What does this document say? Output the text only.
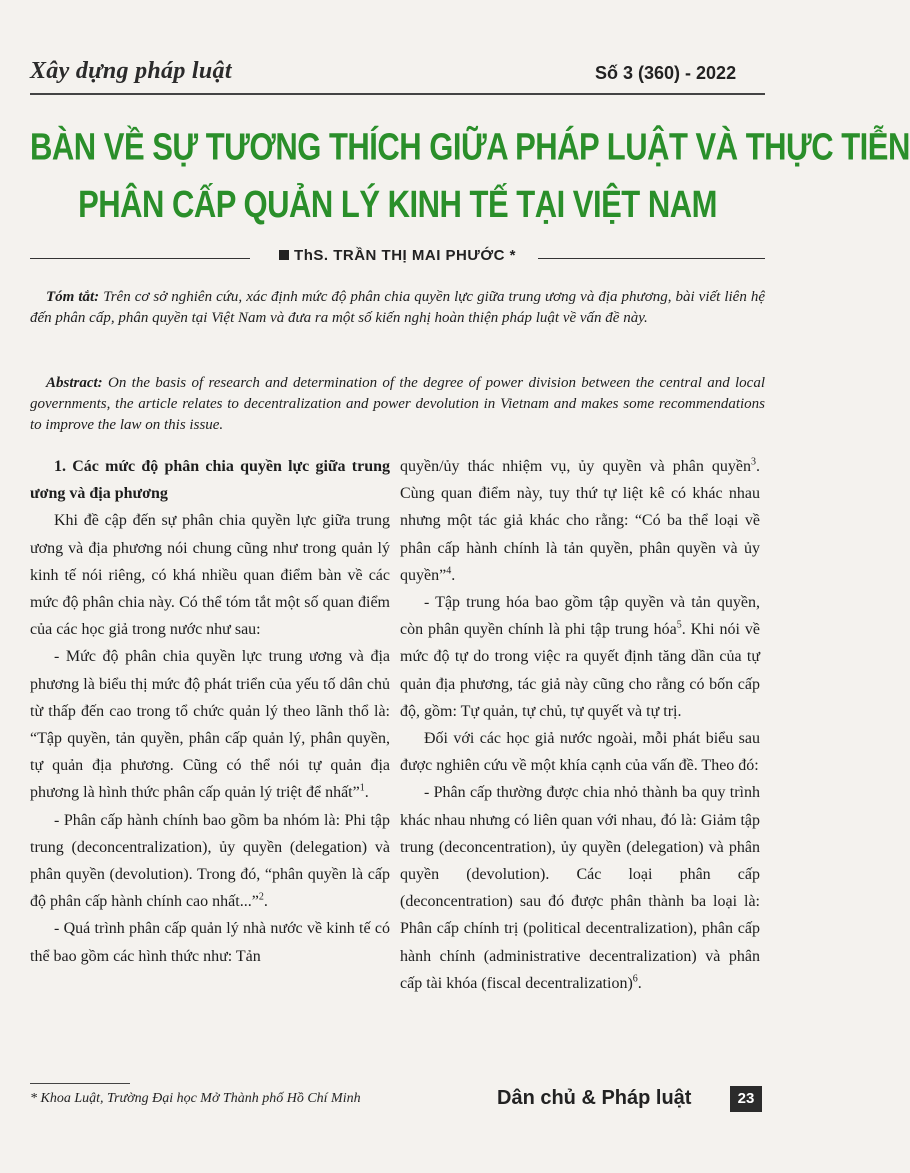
Xây dựng pháp luật	Số 3 (360) - 2022
BÀN VỀ SỰ TƯƠNG THÍCH GIỮA PHÁP LUẬT VÀ THỰC TIỄN
PHÂN CẤP QUẢN LÝ KINH TẾ TẠI VIỆT NAM
ThS. TRẦN THỊ MAI PHƯỚC *
Tóm tắt: Trên cơ sở nghiên cứu, xác định mức độ phân chia quyền lực giữa trung ương và địa phương, bài viết liên hệ đến phân cấp, phân quyền tại Việt Nam và đưa ra một số kiến nghị hoàn thiện pháp luật về vấn đề này.
Abstract: On the basis of research and determination of the degree of power division between the central and local governments, the article relates to decentralization and power devolution in Vietnam and makes some recommendations to improve the law on this issue.
1. Các mức độ phân chia quyền lực giữa trung ương và địa phương

Khi đề cập đến sự phân chia quyền lực giữa trung ương và địa phương nói chung cũng như trong quản lý kinh tế nói riêng, có khá nhiều quan điểm bàn về các mức độ phân chia này. Có thể tóm tắt một số quan điểm của các học giả trong nước như sau:

- Mức độ phân chia quyền lực trung ương và địa phương là biểu thị mức độ phát triển của yếu tố dân chủ từ thấp đến cao trong tổ chức quản lý theo lãnh thổ là: “Tập quyền, tản quyền, phân cấp quản lý, phân quyền, tự quản địa phương. Cũng có thể nói tự quản địa phương là hình thức phân cấp quản lý triệt để nhất”$^1$.

- Phân cấp hành chính bao gồm ba nhóm là: Phi tập trung (deconcentralization), ủy quyền (delegation) và phân quyền (devolution). Trong đó, “phân quyền là cấp độ phân cấp hành chính cao nhất...”$^2$.

- Quá trình phân cấp quản lý nhà nước về kinh tế có thể bao gồm các hình thức như: Tản

quyền/ủy thác nhiệm vụ, ủy quyền và phân quyền$^3$. Cùng quan điểm này, tuy thứ tự liệt kê có khác nhau nhưng một tác giả khác cho rằng: “Có ba thể loại về phân cấp hành chính là tản quyền, phân quyền và ủy quyền”$^4$.

- Tập trung hóa bao gồm tập quyền và tản quyền, còn phân quyền chính là phi tập trung hóa$^5$. Khi nói về mức độ tự do trong việc ra quyết định tăng dần của tự quản địa phương, tác giả này cũng cho rằng có bốn cấp độ, gồm: Tự quản, tự chủ, tự quyết và tự trị.

Đối với các học giả nước ngoài, mỗi phát biểu sau được nghiên cứu về một khía cạnh của vấn đề. Theo đó:

- Phân cấp thường được chia nhỏ thành ba quy trình khác nhau nhưng có liên quan với nhau, đó là: Giảm tập trung (deconcentration), ủy quyền (delegation) và phân quyền (devolution). Các loại phân cấp (deconcentration) sau đó được phân thành ba loại là: Phân cấp chính trị (political decentralization), phân cấp hành chính (administrative decentralization) và phân cấp tài khóa (fiscal decentralization)$^6$.

* Khoa Luật, Trường Đại học Mở Thành phố Hồ Chí Minh	Dân chủ & Pháp luật	23
